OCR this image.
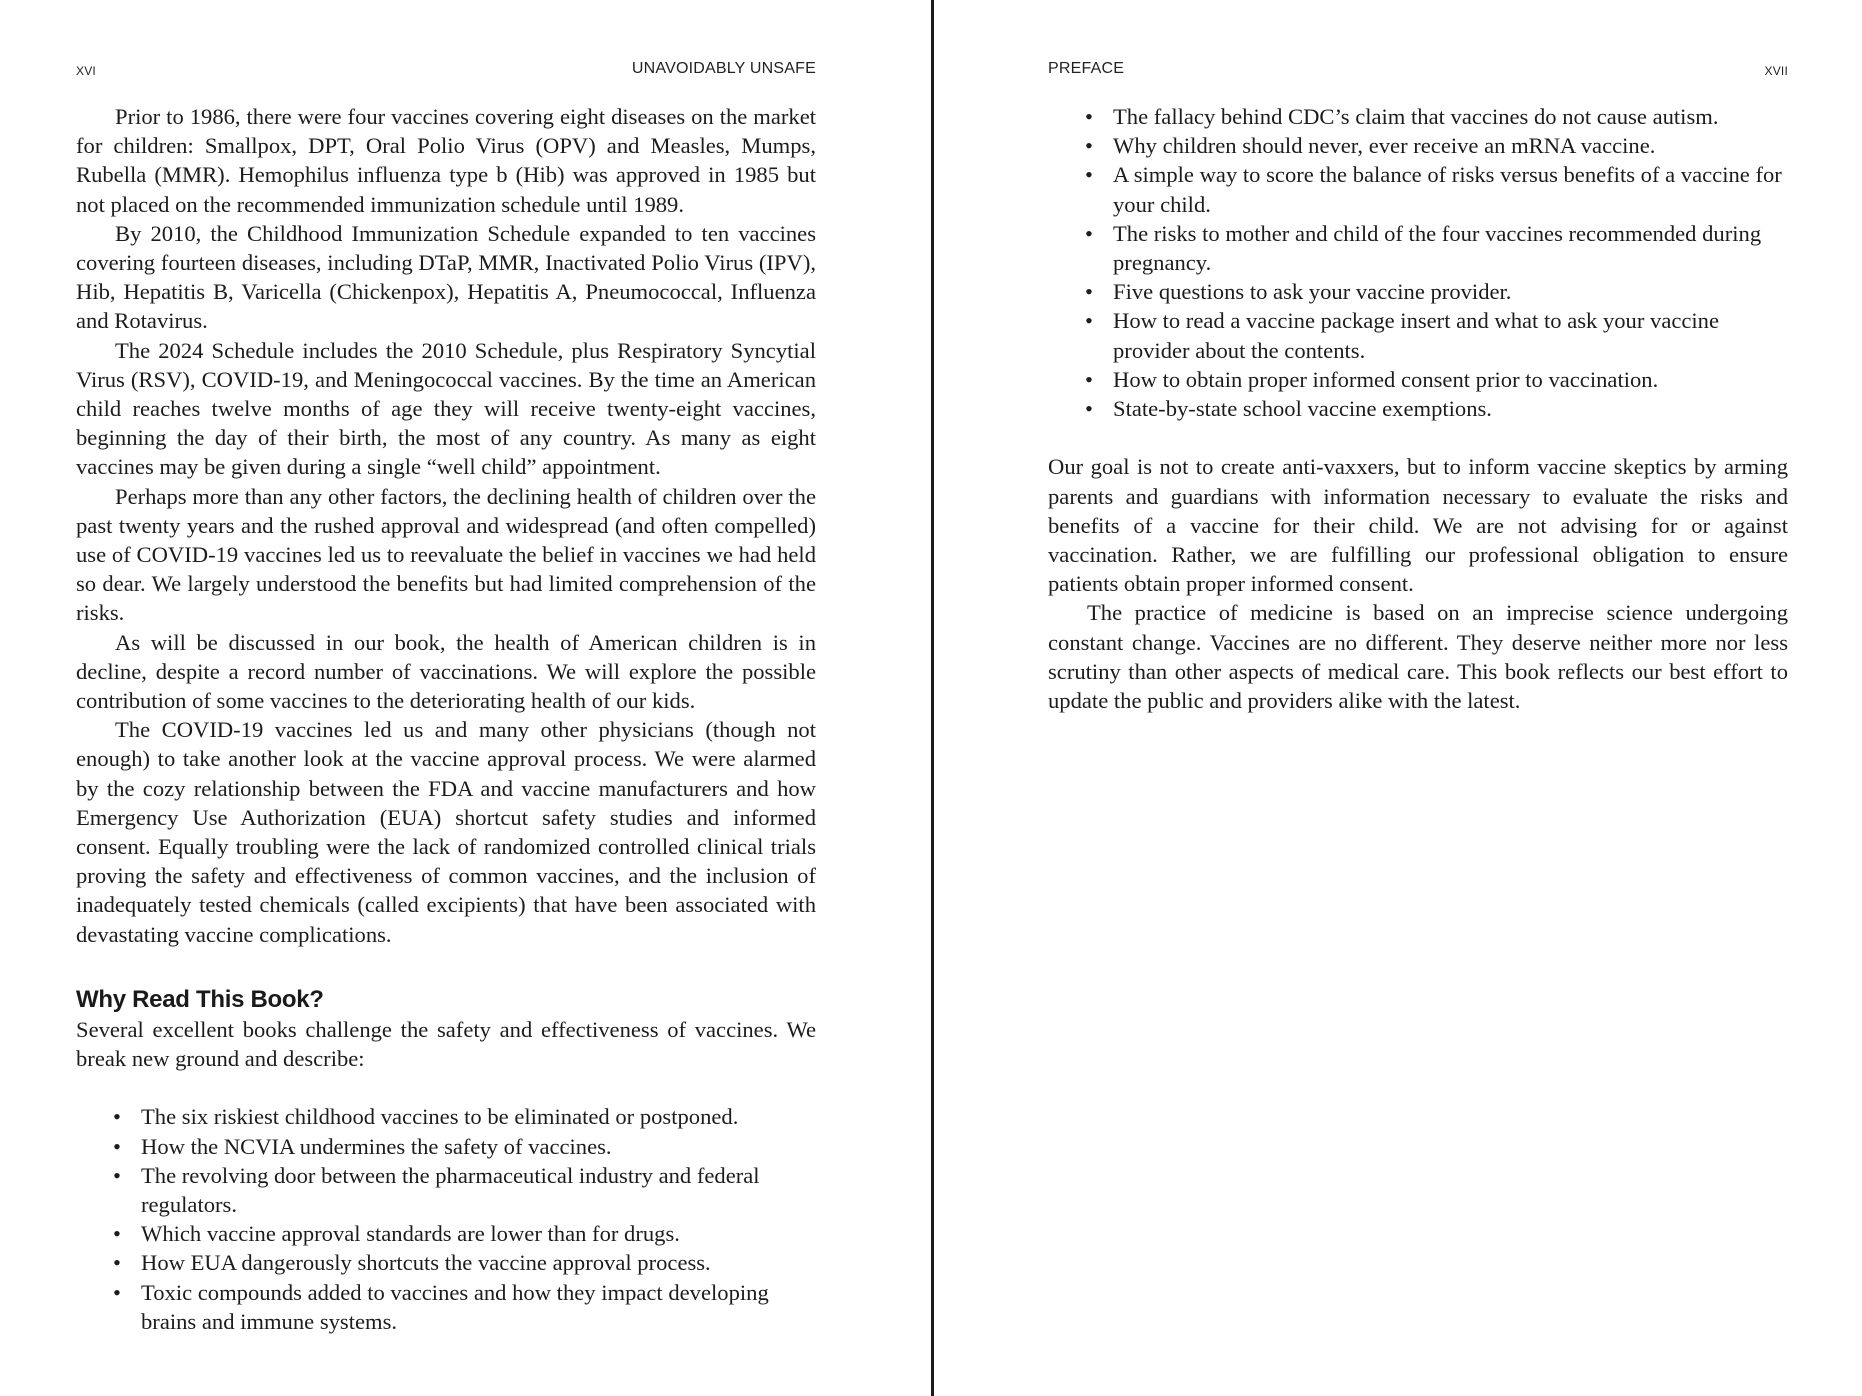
XVI	UNAVOIDABLY UNSAFE

Prior to 1986, there were four vaccines covering eight diseases on the market for children: Smallpox, DPT, Oral Polio Virus (OPV) and Measles, Mumps, Rubella (MMR). Hemophilus influenza type b (Hib) was approved in 1985 but not placed on the recommended immunization schedule until 1989.

By 2010, the Childhood Immunization Schedule expanded to ten vaccines covering fourteen diseases, including DTaP, MMR, Inactivated Polio Virus (IPV), Hib, Hepatitis B, Varicella (Chickenpox), Hepatitis A, Pneumococcal, Influenza and Rotavirus.

The 2024 Schedule includes the 2010 Schedule, plus Respiratory Syncytial Virus (RSV), COVID-19, and Meningococcal vaccines. By the time an American child reaches twelve months of age they will receive twenty-eight vaccines, beginning the day of their birth, the most of any country. As many as eight vaccines may be given during a single “well child” appointment.

Perhaps more than any other factors, the declining health of children over the past twenty years and the rushed approval and widespread (and often compelled) use of COVID-19 vaccines led us to reevaluate the belief in vaccines we had held so dear. We largely understood the benefits but had limited comprehension of the risks.

As will be discussed in our book, the health of American children is in decline, despite a record number of vaccinations. We will explore the possible contribution of some vaccines to the deteriorating health of our kids.

The COVID-19 vaccines led us and many other physicians (though not enough) to take another look at the vaccine approval process. We were alarmed by the cozy relationship between the FDA and vaccine manufacturers and how Emergency Use Authorization (EUA) shortcut safety studies and informed consent. Equally troubling were the lack of randomized controlled clinical trials proving the safety and effectiveness of common vaccines, and the inclusion of inadequately tested chemicals (called excipients) that have been associated with devastating vaccine complications.

Why Read This Book?

Several excellent books challenge the safety and effectiveness of vaccines. We break new ground and describe:

• The six riskiest childhood vaccines to be eliminated or postponed.
• How the NCVIA undermines the safety of vaccines.
• The revolving door between the pharmaceutical industry and federal regulators.
• Which vaccine approval standards are lower than for drugs.
• How EUA dangerously shortcuts the vaccine approval process.
• Toxic compounds added to vaccines and how they impact developing brains and immune systems.
PREFACE	XVII
• The fallacy behind CDC’s claim that vaccines do not cause autism.
• Why children should never, ever receive an mRNA vaccine.
• A simple way to score the balance of risks versus benefits of a vaccine for your child.
• The risks to mother and child of the four vaccines recommended during pregnancy.
• Five questions to ask your vaccine provider.
• How to read a vaccine package insert and what to ask your vaccine provider about the contents.
• How to obtain proper informed consent prior to vaccination.
• State-by-state school vaccine exemptions.

Our goal is not to create anti-vaxxers, but to inform vaccine skeptics by arming parents and guardians with information necessary to evaluate the risks and benefits of a vaccine for their child. We are not advising for or against vaccination. Rather, we are fulfilling our professional obligation to ensure patients obtain proper informed consent.

The practice of medicine is based on an imprecise science undergoing constant change. Vaccines are no different. They deserve neither more nor less scrutiny than other aspects of medical care. This book reflects our best effort to update the public and providers alike with the latest.
